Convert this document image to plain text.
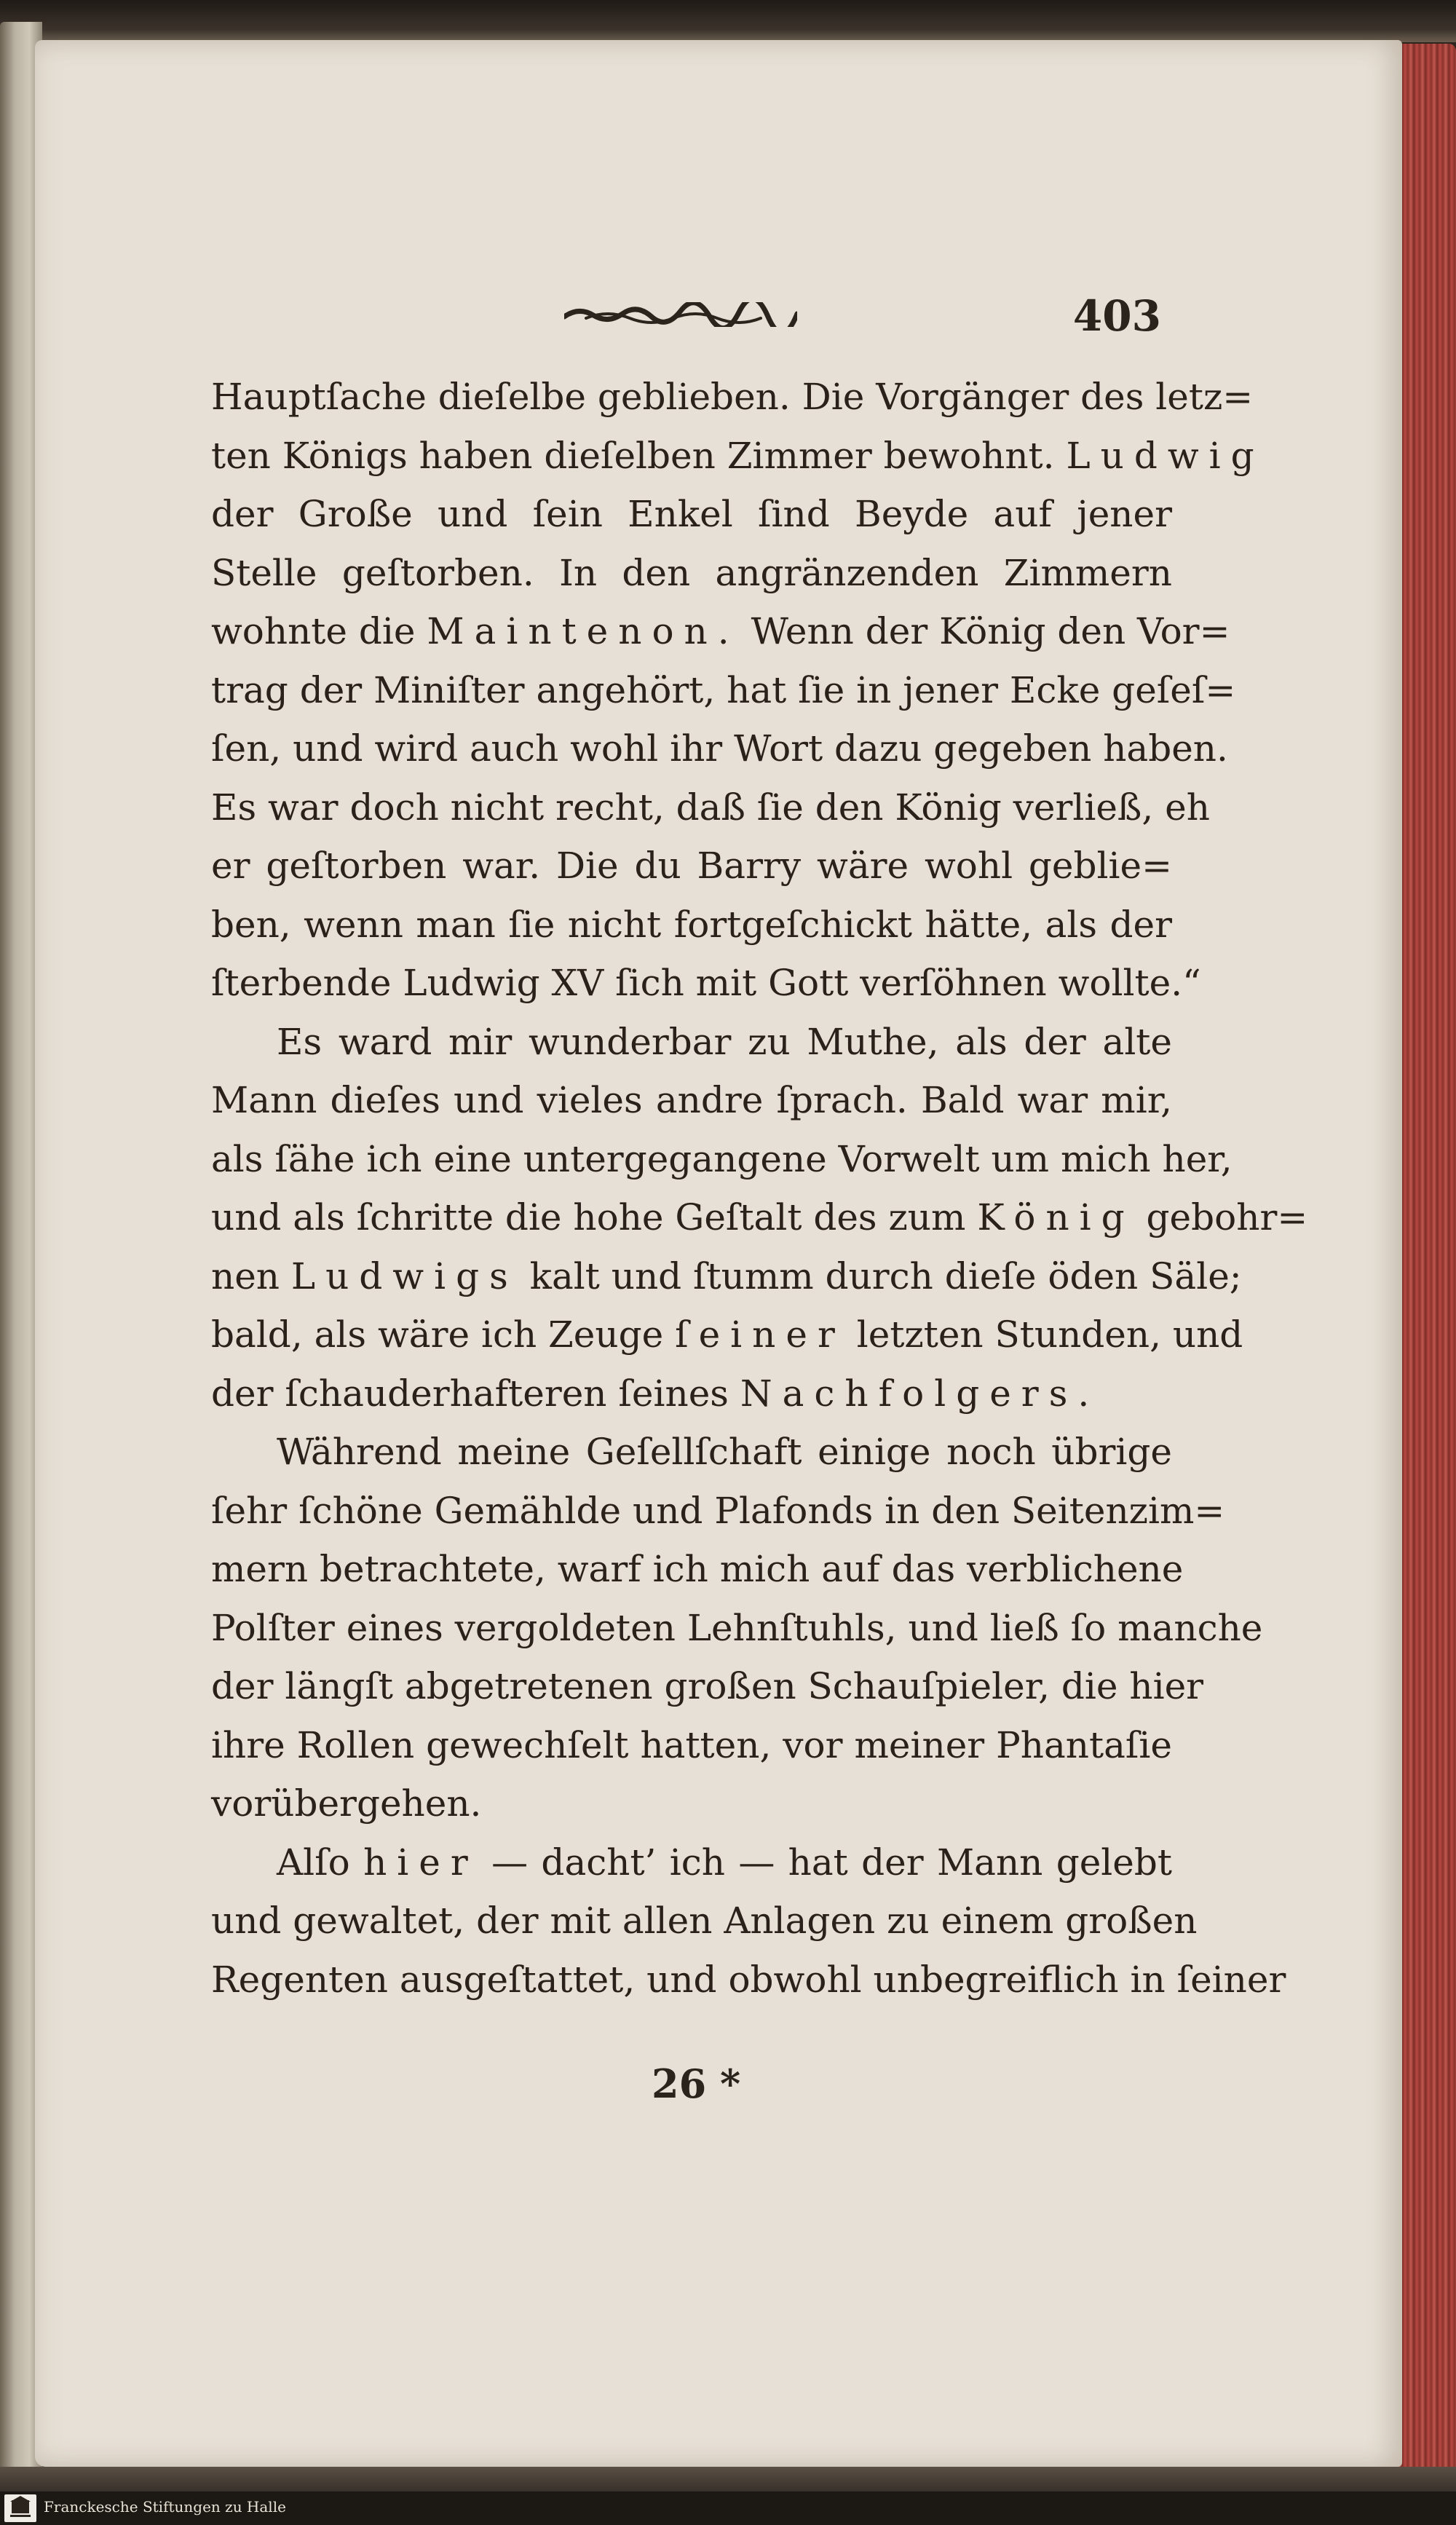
403
Hauptſache dieſelbe geblieben. Die Vorgänger des letz=
ten Königs haben dieſelben Zimmer bewohnt. Ludwig
der Große und ſein Enkel ſind Beyde auf jener
Stelle geſtorben. In den angränzenden Zimmern
wohnte die Maintenon. Wenn der König den Vor=
trag der Miniſter angehört, hat ſie in jener Ecke geſeſ=
ſen, und wird auch wohl ihr Wort dazu gegeben haben.
Es war doch nicht recht, daß ſie den König verließ, eh
er geſtorben war. Die du Barry wäre wohl geblie=
ben, wenn man ſie nicht fortgeſchickt hätte, als der
ſterbende Ludwig XV ſich mit Gott verſöhnen wollte.“
Es ward mir wunderbar zu Muthe, als der alte
Mann dieſes und vieles andre ſprach. Bald war mir,
als ſähe ich eine untergegangene Vorwelt um mich her,
und als ſchritte die hohe Geſtalt des zum König gebohr=
nen Ludwigs kalt und ſtumm durch dieſe öden Säle;
bald, als wäre ich Zeuge ſeiner letzten Stunden, und
der ſchauderhafteren ſeines Nachfolgers.
Während meine Geſellſchaft einige noch übrige
ſehr ſchöne Gemählde und Plafonds in den Seitenzim=
mern betrachtete, warf ich mich auf das verblichene
Polſter eines vergoldeten Lehnſtuhls, und ließ ſo manche
der längſt abgetretenen großen Schauſpieler, die hier
ihre Rollen gewechſelt hatten, vor meiner Phantaſie
vorübergehen.
Alſo hier — dacht’ ich — hat der Mann gelebt
und gewaltet, der mit allen Anlagen zu einem großen
Regenten ausgeſtattet, und obwohl unbegreiflich in ſeiner
26 *
Franckesche Stiftungen zu Halle
